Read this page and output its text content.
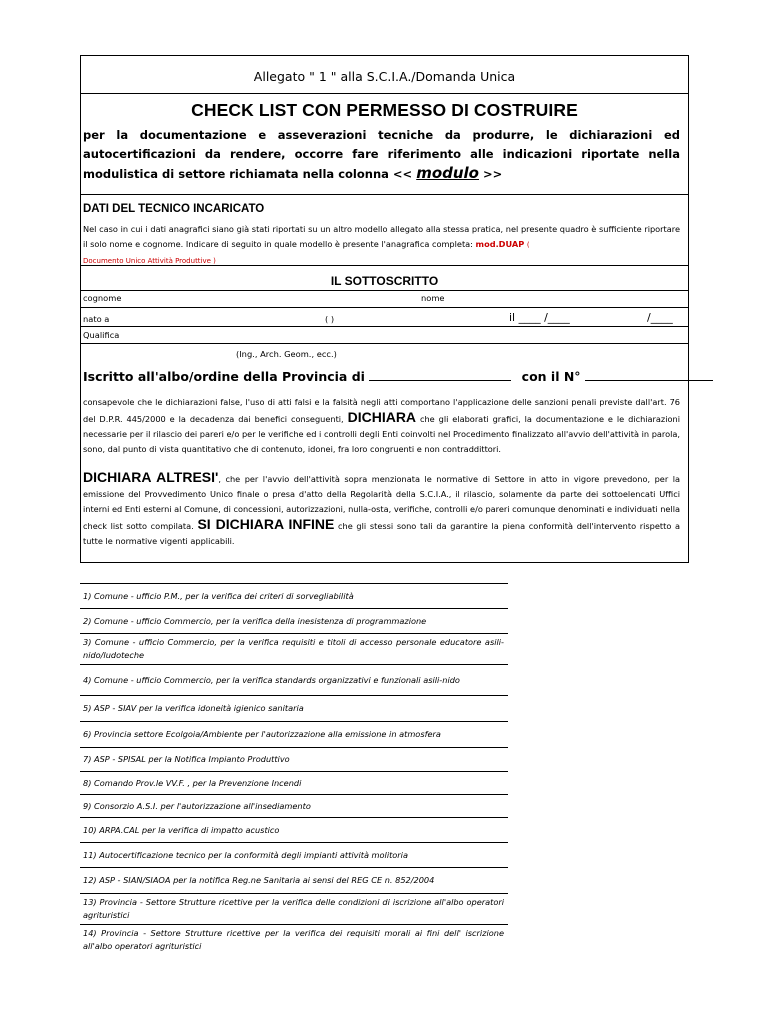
Allegato " 1 " alla S.C.I.A./Domanda Unica
CHECK LIST CON PERMESSO DI COSTRUIRE
per la documentazione e asseverazioni tecniche da produrre, le dichiarazioni ed autocertificazioni da rendere, occorre fare riferimento alle indicazioni riportate nella modulistica di settore richiamata nella colonna << modulo >>
DATI DEL TECNICO INCARICATO
Nel caso in cui i dati anagrafici siano già stati riportati su un altro modello allegato alla stessa pratica, nel presente quadro è sufficiente riportare il solo nome e cognome. Indicare di seguito in quale modello è presente l'anagrafica completa: mod.DUAP (
Documento Unico Attività Produttive )
IL SOTTOSCRITTO
cognome	nome
nato a	( )	il ____ /____	/____
Qualifica
(Ing., Arch. Geom., ecc.)
Iscritto all'albo/ordine della Provincia di	con il N°
consapevole che le dichiarazioni false, l'uso di atti falsi e la falsità negli atti comportano l'applicazione delle sanzioni penali previste dall'art. 76 del D.P.R. 445/2000 e la decadenza dai benefici conseguenti, DICHIARA che gli elaborati grafici, la documentazione e le dichiarazioni necessarie per il rilascio dei pareri e/o per le verifiche ed i controlli degli Enti coinvolti nel Procedimento finalizzato all'avvio dell'attività in parola, sono, dal punto di vista quantitativo che di contenuto, idonei, fra loro congruenti e non contraddittori.
DICHIARA ALTRESI', che per l'avvio dell'attività sopra menzionata le normative di Settore in atto in vigore prevedono, per la emissione del Provvedimento Unico finale o presa d'atto della Regolarità della S.C.I.A., il rilascio, solamente da parte dei sottoelencati Uffici interni ed Enti esterni al Comune, di concessioni, autorizzazioni, nulla-osta, verifiche, controlli e/o pareri comunque denominati e individuati nella check list sotto compilata. SI DICHIARA INFINE che gli stessi sono tali da garantire la piena conformità dell'intervento rispetto a tutte le normative vigenti applicabili.
1) Comune - ufficio P.M., per la verifica dei criteri di sorvegliabilità
2) Comune - ufficio Commercio, per la verifica della inesistenza di programmazione
3) Comune - ufficio Commercio, per la verifica requisiti e titoli di accesso personale educatore asili-nido/ludoteche
4) Comune - ufficio Commercio, per la verifica standards organizzativi e funzionali asili-nido
5) ASP - SIAV per la verifica idoneità igienico sanitaria
6) Provincia settore Ecolgoia/Ambiente per l'autorizzazione alla emissione in atmosfera
7) ASP - SPISAL per la Notifica Impianto Produttivo
8) Comando Prov.le VV.F. , per la Prevenzione Incendi
9) Consorzio A.S.I. per l'autorizzazione all'insediamento
10) ARPA.CAL per la verifica di impatto acustico
11) Autocertificazione tecnico per la conformità degli impianti attività molitoria
12) ASP - SIAN/SIAOA per la notifica Reg.ne Sanitaria ai sensi del REG CE n. 852/2004
13) Provincia - Settore Strutture ricettive per la verifica delle condizioni di iscrizione all'albo operatori agrituristici
14) Provincia - Settore Strutture ricettive per la verifica dei requisiti morali ai fini dell' iscrizione all'albo operatori agrituristici
